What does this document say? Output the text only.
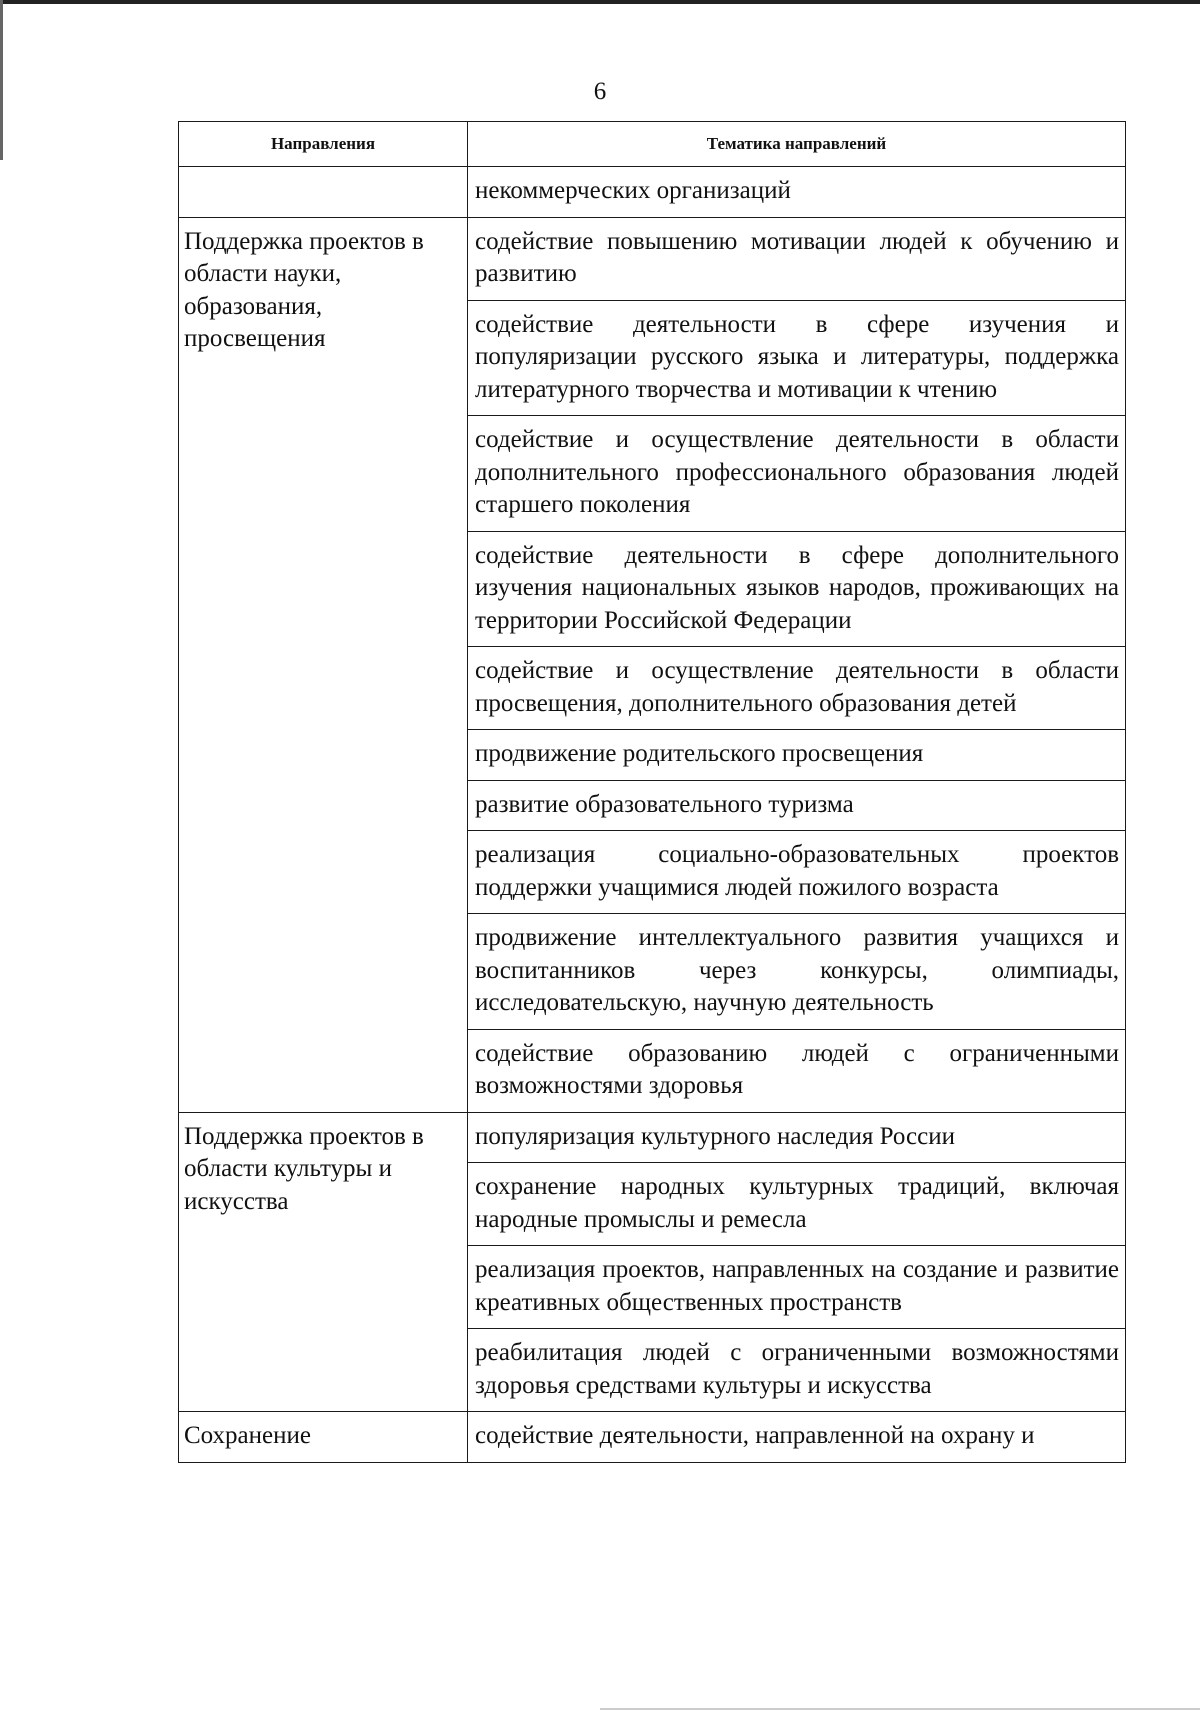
6
Направления	Тематика направлений
	некоммерческих организаций
Поддержка проектов в области науки, образования, просвещения	содействие повышению мотивации людей к обучению и развитию
	содействие деятельности в сфере изучения и популяризации русского языка и литературы, поддержка литературного творчества и мотивации к чтению
	содействие и осуществление деятельности в области дополнительного профессионального образования людей старшего поколения
	содействие деятельности в сфере дополнительного изучения национальных языков народов, проживающих на территории Российской Федерации
	содействие и осуществление деятельности в области просвещения, дополнительного образования детей
	продвижение родительского просвещения
	развитие образовательного туризма
	реализация социально-образовательных проектов поддержки учащимися людей пожилого возраста
	продвижение интеллектуального развития учащихся и воспитанников через конкурсы, олимпиады, исследовательскую, научную деятельность
	содействие образованию людей с ограниченными возможностями здоровья
Поддержка проектов в области культуры и искусства	популяризация культурного наследия России
	сохранение народных культурных традиций, включая народные промыслы и ремесла
	реализация проектов, направленных на создание и развитие креативных общественных пространств
	реабилитация людей с ограниченными возможностями здоровья средствами культуры и искусства
Сохранение	содействие деятельности, направленной на охрану и
